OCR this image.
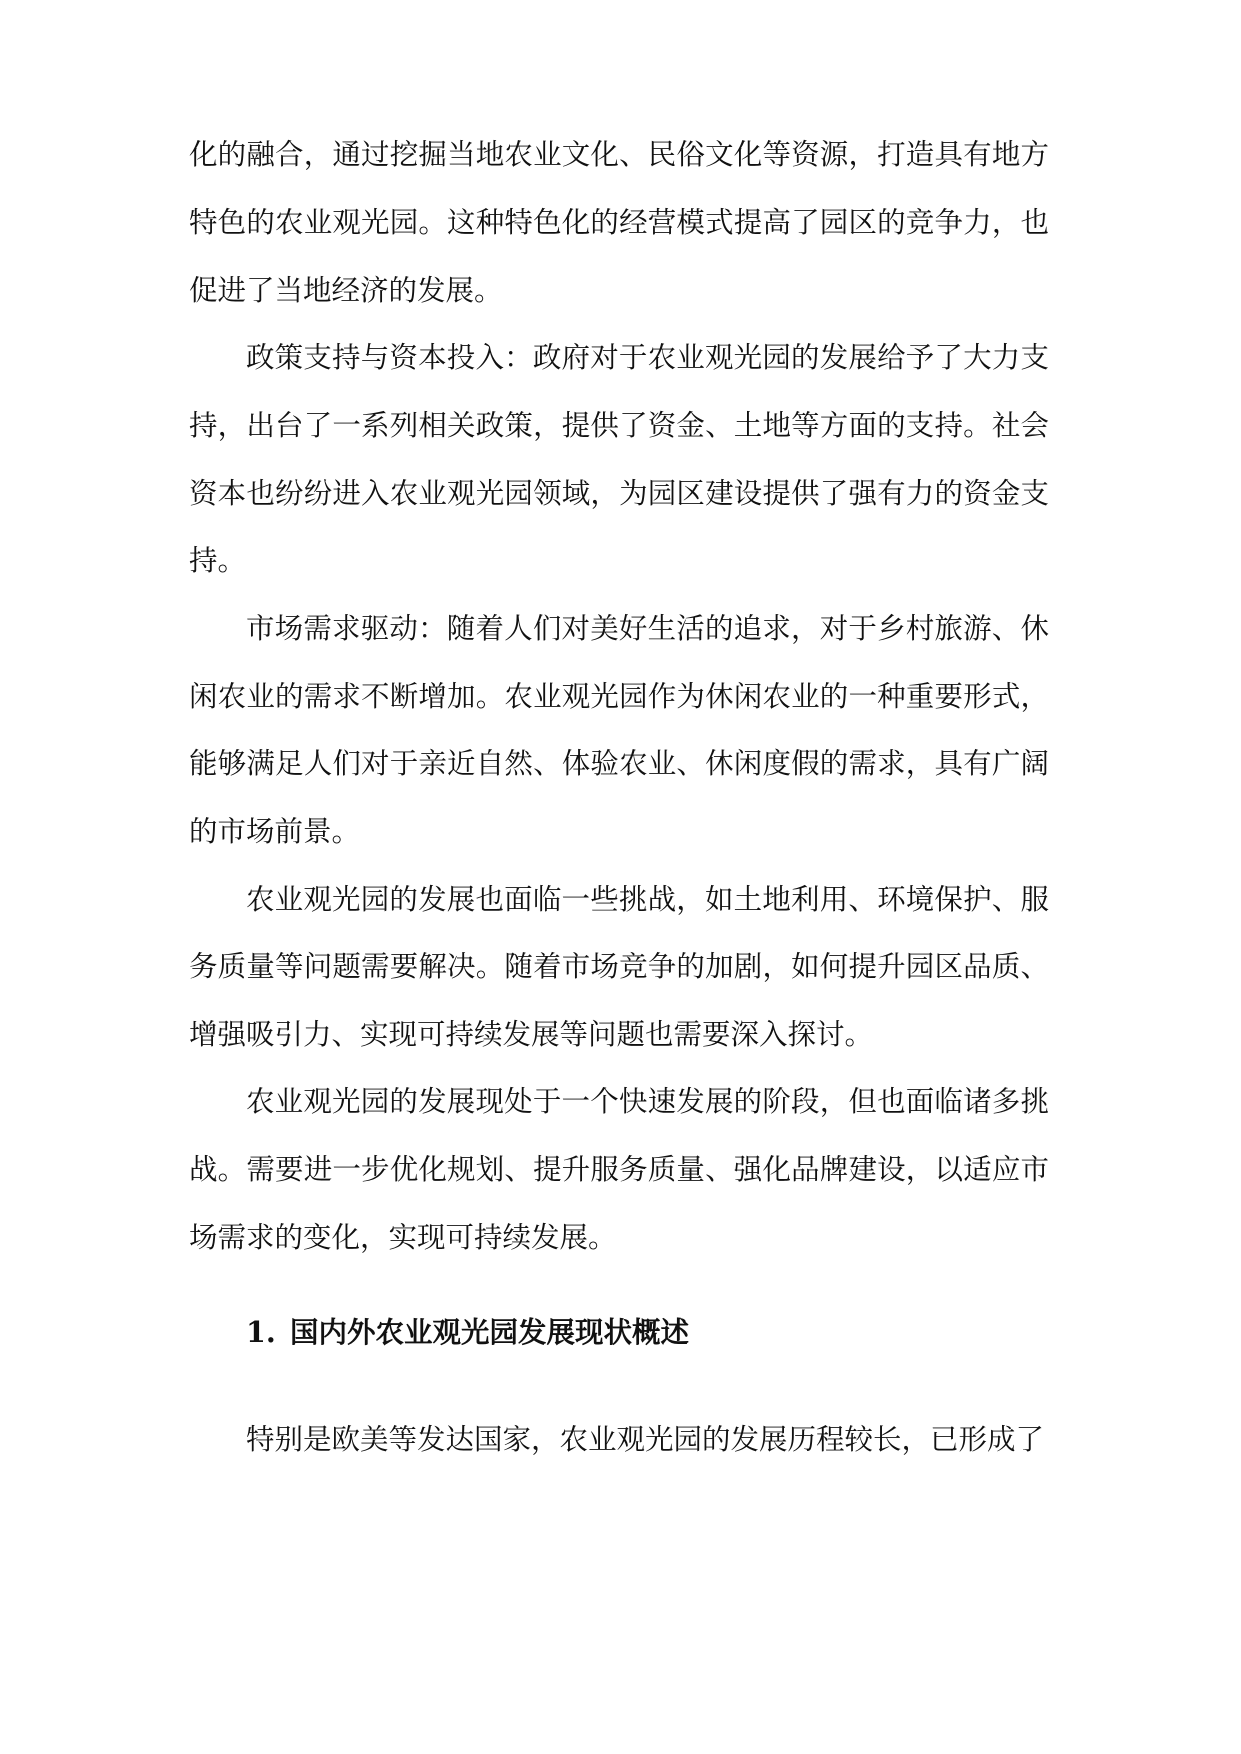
化的融合，通过挖掘当地农业文化、民俗文化等资源，打造具有地方
特色的农业观光园。这种特色化的经营模式提高了园区的竞争力，也
促进了当地经济的发展。
政策支持与资本投入：政府对于农业观光园的发展给予了大力支
持，出台了一系列相关政策，提供了资金、土地等方面的支持。社会
资本也纷纷进入农业观光园领域，为园区建设提供了强有力的资金支
持。
市场需求驱动：随着人们对美好生活的追求，对于乡村旅游、休
闲农业的需求不断增加。农业观光园作为休闲农业的一种重要形式，
能够满足人们对于亲近自然、体验农业、休闲度假的需求，具有广阔
的市场前景。
农业观光园的发展也面临一些挑战，如土地利用、环境保护、服
务质量等问题需要解决。随着市场竞争的加剧，如何提升园区品质、
增强吸引力、实现可持续发展等问题也需要深入探讨。
农业观光园的发展现处于一个快速发展的阶段，但也面临诸多挑
战。需要进一步优化规划、提升服务质量、强化品牌建设，以适应市
场需求的变化，实现可持续发展。
特别是欧美等发达国家，农业观光园的发展历程较长，已形成了
1. 国内外农业观光园发展现状概述
